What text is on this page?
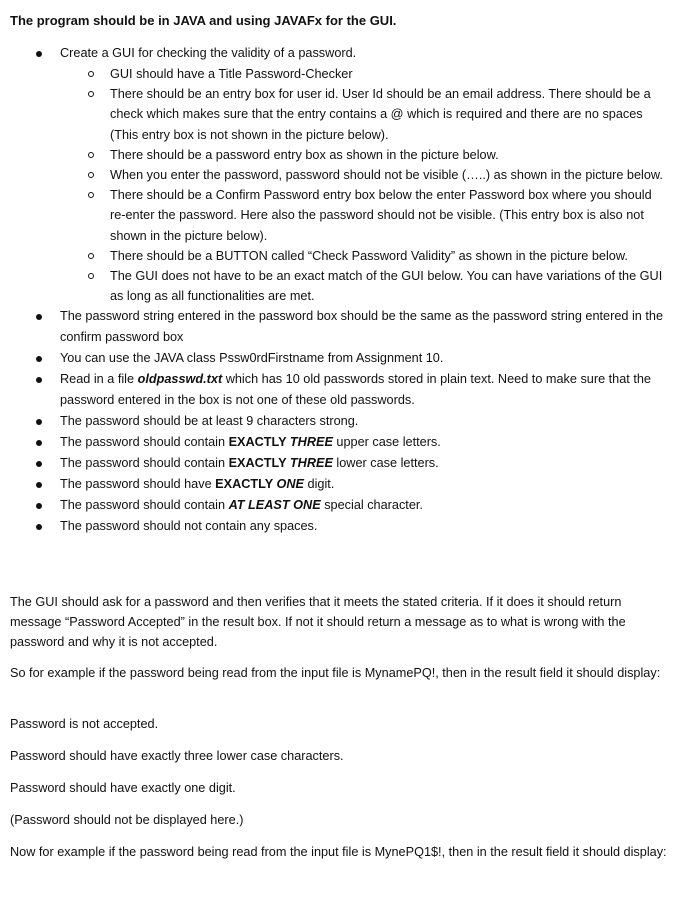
The program should be in JAVA and using JAVAFx for the GUI.
Create a GUI for checking the validity of a password.
GUI should have a Title Password-Checker
There should be an entry box for user id. User Id should be an email address. There should be a check which makes sure that the entry contains a @ which is required and there are no spaces (This entry box is not shown in the picture below).
There should be a password entry box as shown in the picture below.
When you enter the password, password should not be visible (…..) as shown in the picture below.
There should be a Confirm Password entry box below the enter Password box where you should re-enter the password. Here also the password should not be visible. (This entry box is also not shown in the picture below).
There should be a BUTTON called “Check Password Validity” as shown in the picture below.
The GUI does not have to be an exact match of the GUI below. You can have variations of the GUI as long as all functionalities are met.
The password string entered in the password box should be the same as the password string entered in the confirm password box
You can use the JAVA class Pssw0rdFirstname from Assignment 10.
Read in a file oldpasswd.txt which has 10 old passwords stored in plain text. Need to make sure that the password entered in the box is not one of these old passwords.
The password should be at least 9 characters strong.
The password should contain EXACTLY THREE upper case letters.
The password should contain EXACTLY THREE lower case letters.
The password should have EXACTLY ONE digit.
The password should contain AT LEAST ONE special character.
The password should not contain any spaces.
The GUI should ask for a password and then verifies that it meets the stated criteria. If it does it should return message “Password Accepted” in the result box. If not it should return a message as to what is wrong with the password and why it is not accepted.
So for example if the password being read from the input file is MynamePQ!, then in the result field it should display:
Password is not accepted.
Password should have exactly three lower case characters.
Password should have exactly one digit.
(Password should not be displayed here.)
Now for example if the password being read from the input file is MynePQ1$!, then in the result field it should display:
